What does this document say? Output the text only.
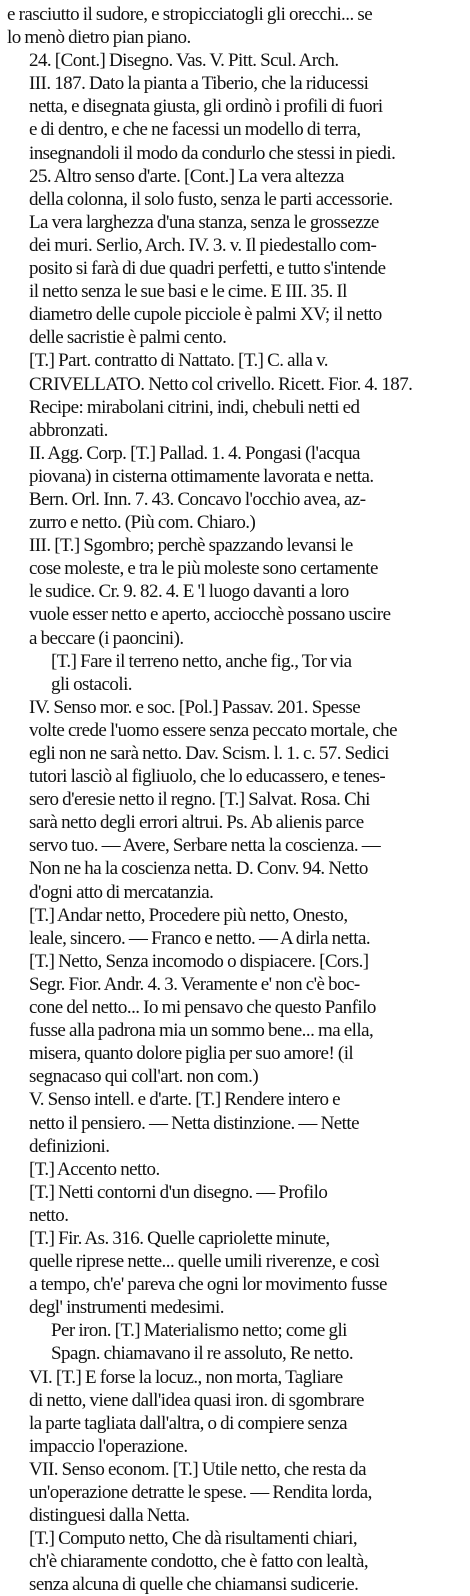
e rasciutto il sudore, e stropicciatogli gli orecchi... se
lo menò dietro pian piano.
24. [Cont.] Disegno. Vas. V. Pitt. Scul. Arch.
III. 187. Dato la pianta a Tiberio, che la riducessi
netta, e disegnata giusta, gli ordinò i profili di fuori
e di dentro, e che ne facessi un modello di terra,
insegnandoli il modo da condurlo che stessi in piedi.
25. Altro senso d'arte. [Cont.] La vera altezza
della colonna, il solo fusto, senza le parti accessorie.
La vera larghezza d'una stanza, senza le grossezze
dei muri. Serlio, Arch. IV. 3. v. Il piedestallo com-
posito si farà di due quadri perfetti, e tutto s'intende
il netto senza le sue basi e le cime. E III. 35. Il
diametro delle cupole picciole è palmi XV; il netto
delle sacristie è palmi cento.
[T.] Part. contratto di Nattato. [T.] C. alla v.
CRIVELLATO. Netto col crivello. Ricett. Fior. 4. 187.
Recipe: mirabolani citrini, indi, chebuli netti ed
abbronzati.
II. Agg. Corp. [T.] Pallad. 1. 4. Pongasi (l'acqua
piovana) in cisterna ottimamente lavorata e netta.
Bern. Orl. Inn. 7. 43. Concavo l'occhio avea, az-
zurro e netto. (Più com. Chiaro.)
III. [T.] Sgombro; perchè spazzando levansi le
cose moleste, e tra le più moleste sono certamente
le sudice. Cr. 9. 82. 4. E 'l luogo davanti a loro
vuole esser netto e aperto, acciocchè possano uscire
a beccare (i paoncini).
[T.] Fare il terreno netto, anche fig., Tor via
gli ostacoli.
IV. Senso mor. e soc. [Pol.] Passav. 201. Spesse
volte crede l'uomo essere senza peccato mortale, che
egli non ne sarà netto. Dav. Scism. l. 1. c. 57. Sedici
tutori lasciò al figliuolo, che lo educassero, e tenes-
sero d'eresie netto il regno. [T.] Salvat. Rosa. Chi
sarà netto degli errori altrui. Ps. Ab alienis parce
servo tuo. — Avere, Serbare netta la coscienza. —
Non ne ha la coscienza netta. D. Conv. 94. Netto
d'ogni atto di mercatanzia.
[T.] Andar netto, Procedere più netto, Onesto,
leale, sincero. — Franco e netto. — A dirla netta.
[T.] Netto, Senza incomodo o dispiacere. [Cors.]
Segr. Fior. Andr. 4. 3. Veramente e' non c'è boc-
cone del netto... Io mi pensavo che questo Panfilo
fusse alla padrona mia un sommo bene... ma ella,
misera, quanto dolore piglia per suo amore! (il
segnacaso qui coll'art. non com.)
V. Senso intell. e d'arte. [T.] Rendere intero e
netto il pensiero. — Netta distinzione. — Nette
definizioni.
[T.] Accento netto.
[T.] Netti contorni d'un disegno. — Profilo
netto.
[T.] Fir. As. 316. Quelle capriolette minute,
quelle riprese nette... quelle umili riverenze, e così
a tempo, ch'e' pareva che ogni lor movimento fusse
degl' instrumenti medesimi.
Per iron. [T.] Materialismo netto; come gli
Spagn. chiamavano il re assoluto, Re netto.
VI. [T.] E forse la locuz., non morta, Tagliare
di netto, viene dall'idea quasi iron. di sgombrare
la parte tagliata dall'altra, o di compiere senza
impaccio l'operazione.
VII. Senso econom. [T.] Utile netto, che resta da
un'operazione detratte le spese. — Rendita lorda,
distinguesi dalla Netta.
[T.] Computo netto, Che dà risultamenti chiari,
ch'è chiaramente condotto, che è fatto con lealtà,
senza alcuna di quelle che chiamansi sudicerie.
